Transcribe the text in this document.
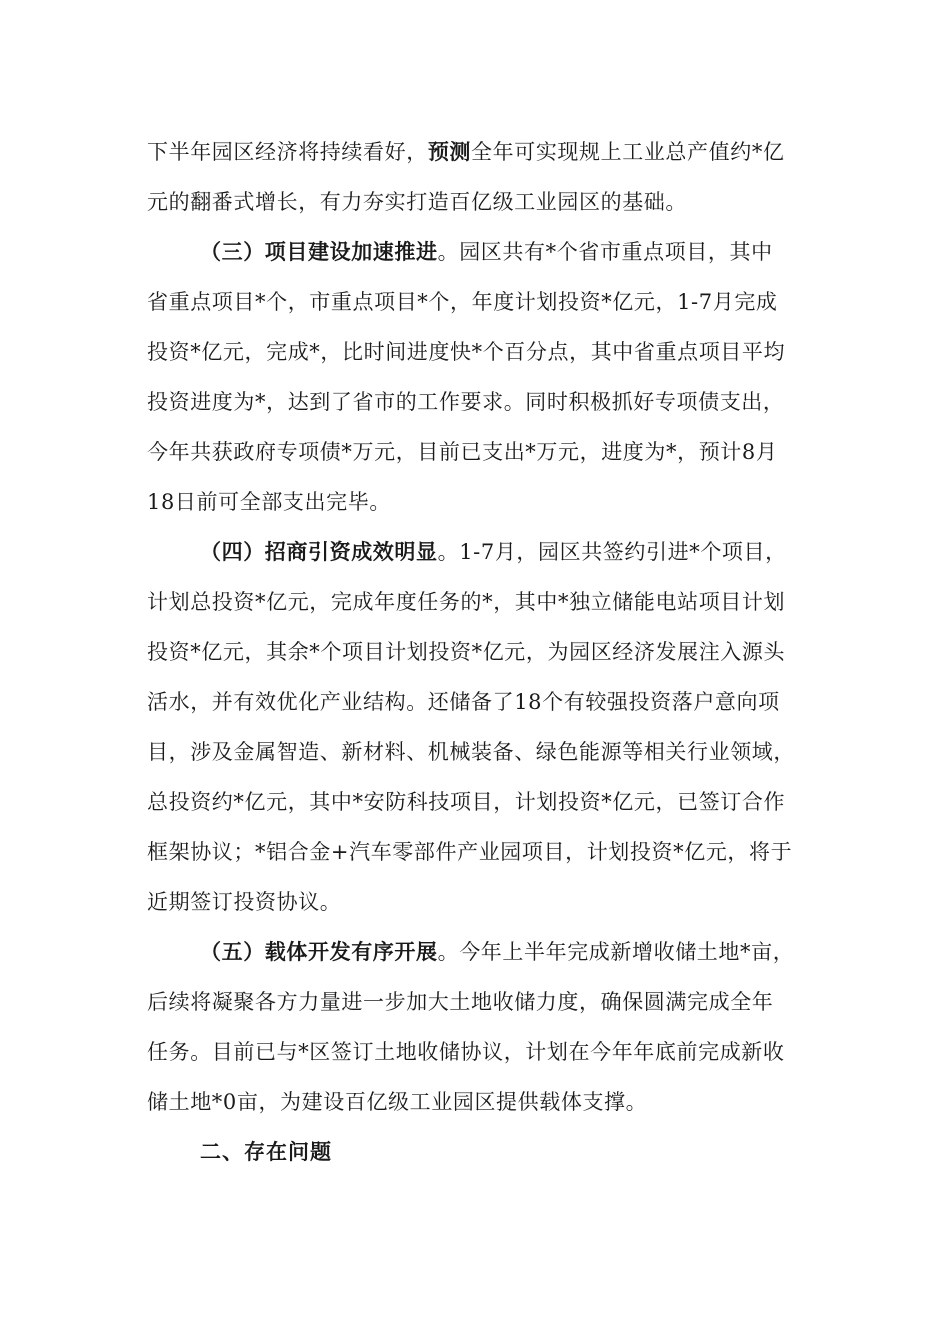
下半年园区经济将持续看好，预测全年可实现规上工业总产值约*亿
元的翻番式增长，有力夯实打造百亿级工业园区的基础。
（三）项目建设加速推进。园区共有*个省市重点项目，其中
省重点项目*个，市重点项目*个，年度计划投资*亿元，1-7月完成
投资*亿元，完成*，比时间进度快*个百分点，其中省重点项目平均
投资进度为*，达到了省市的工作要求。同时积极抓好专项债支出，
今年共获政府专项债*万元，目前已支出*万元，进度为*，预计8月
18日前可全部支出完毕。
（四）招商引资成效明显。1-7月，园区共签约引进*个项目，
计划总投资*亿元，完成年度任务的*，其中*独立储能电站项目计划
投资*亿元，其余*个项目计划投资*亿元，为园区经济发展注入源头
活水，并有效优化产业结构。还储备了18个有较强投资落户意向项
目，涉及金属智造、新材料、机械装备、绿色能源等相关行业领域，
总投资约*亿元，其中*安防科技项目，计划投资*亿元，已签订合作
框架协议；*铝合金+汽车零部件产业园项目，计划投资*亿元，将于
近期签订投资协议。
（五）载体开发有序开展。今年上半年完成新增收储土地*亩，
后续将凝聚各方力量进一步加大土地收储力度，确保圆满完成全年
任务。目前已与*区签订土地收储协议，计划在今年年底前完成新收
储土地*0亩，为建设百亿级工业园区提供载体支撑。
二、存在问题
